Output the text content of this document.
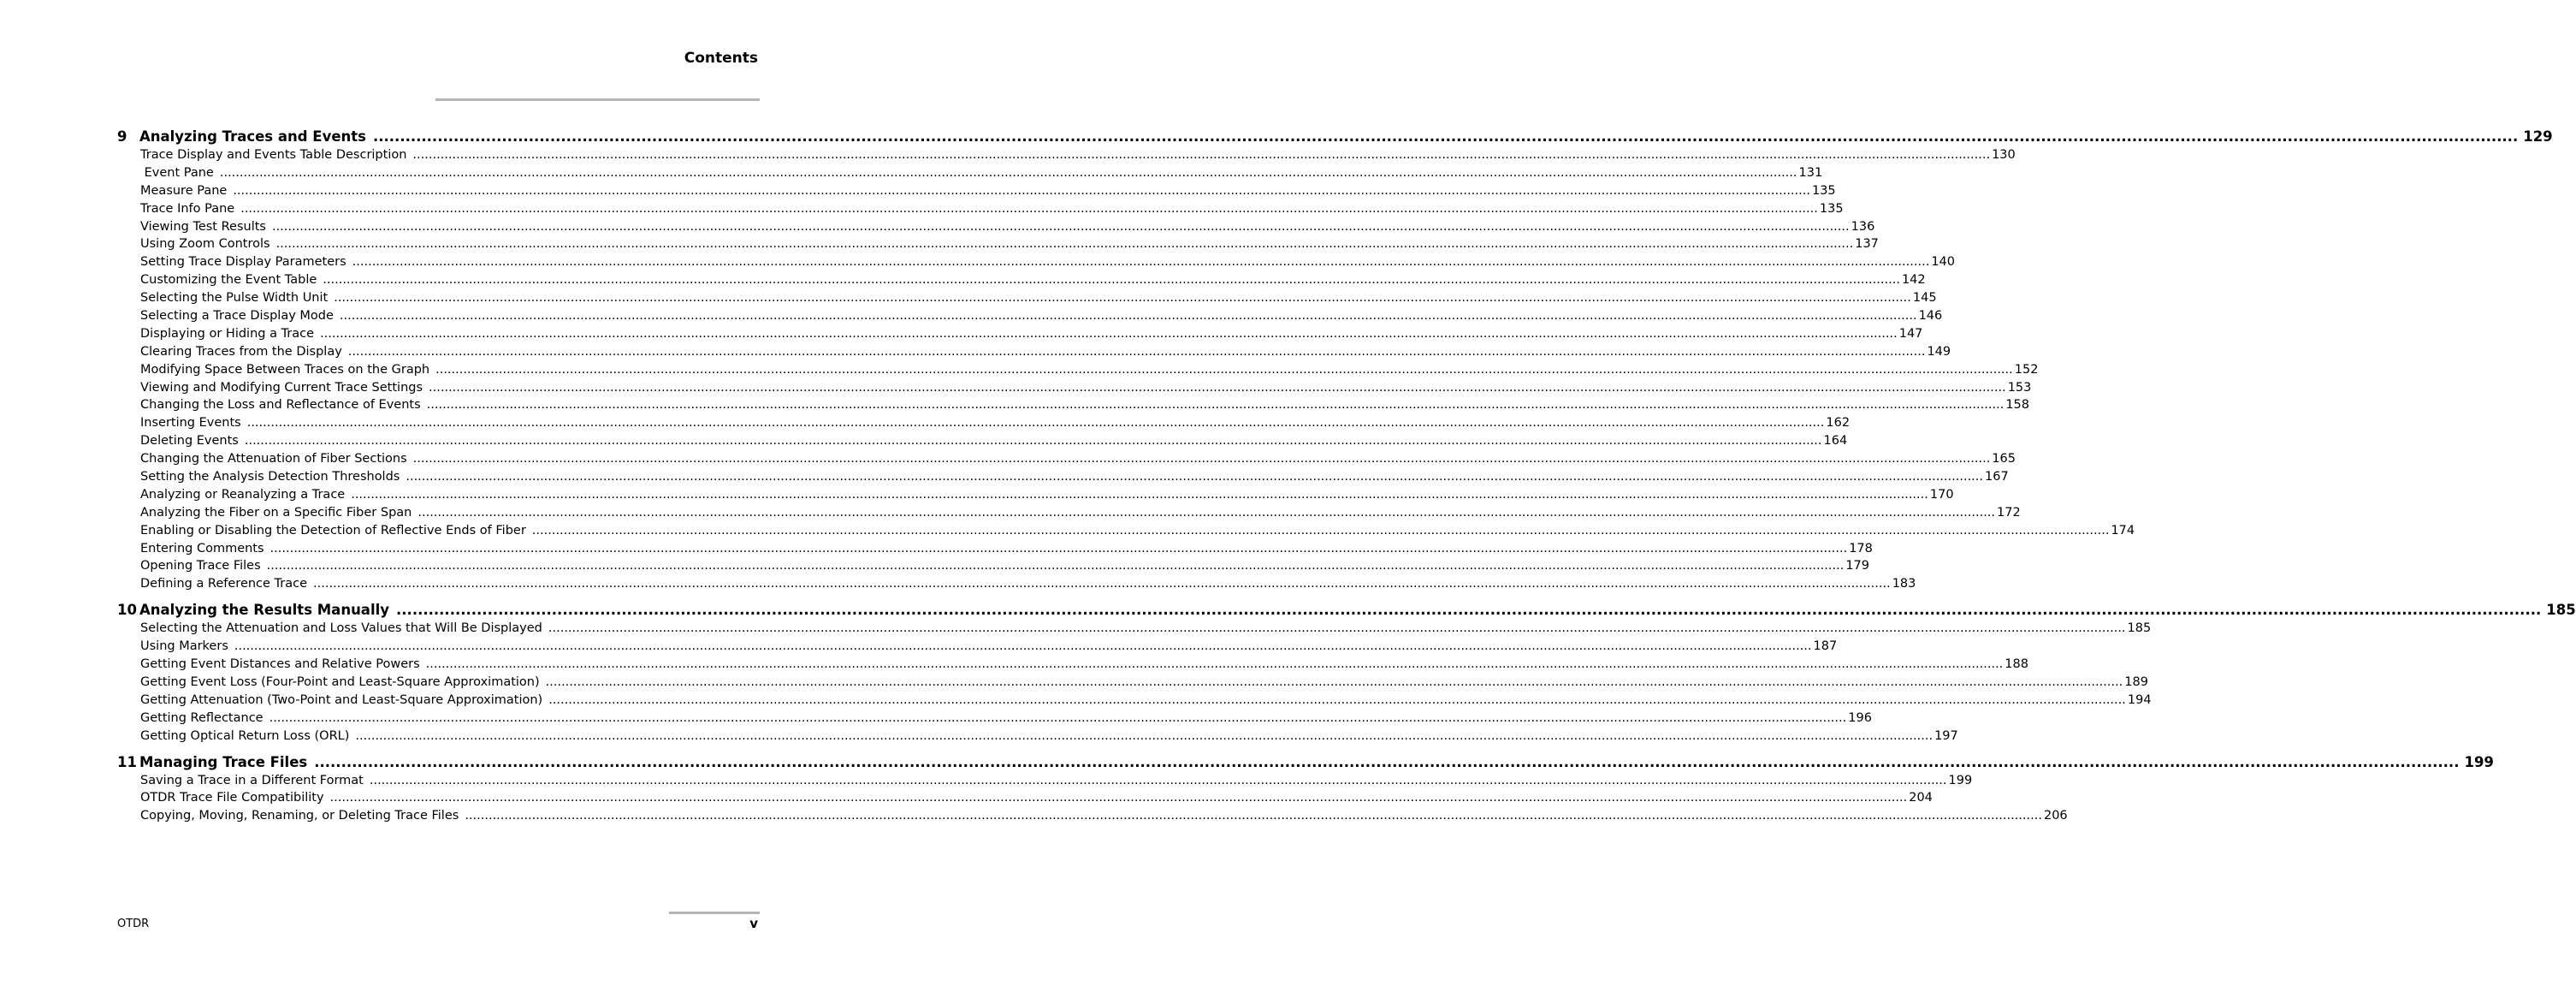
Contents
9 Analyzing Traces and Events ................................................................................................................................................................................................................................................................................................................................................................................................................ 129
Trace Display and Events Table Description ................................................................................................................................................................................................................................................................................................................................................................................................................ 130
Event Pane ................................................................................................................................................................................................................................................................................................................................................................................................................ 131
Measure Pane ................................................................................................................................................................................................................................................................................................................................................................................................................ 135
Trace Info Pane ................................................................................................................................................................................................................................................................................................................................................................................................................ 135
Viewing Test Results ................................................................................................................................................................................................................................................................................................................................................................................................................ 136
Using Zoom Controls ................................................................................................................................................................................................................................................................................................................................................................................................................ 137
Setting Trace Display Parameters ................................................................................................................................................................................................................................................................................................................................................................................................................ 140
Customizing the Event Table ................................................................................................................................................................................................................................................................................................................................................................................................................ 142
Selecting the Pulse Width Unit ................................................................................................................................................................................................................................................................................................................................................................................................................ 145
Selecting a Trace Display Mode ................................................................................................................................................................................................................................................................................................................................................................................................................ 146
Displaying or Hiding a Trace ................................................................................................................................................................................................................................................................................................................................................................................................................ 147
Clearing Traces from the Display ................................................................................................................................................................................................................................................................................................................................................................................................................ 149
Modifying Space Between Traces on the Graph ................................................................................................................................................................................................................................................................................................................................................................................................................ 152
Viewing and Modifying Current Trace Settings ................................................................................................................................................................................................................................................................................................................................................................................................................ 153
Changing the Loss and Reflectance of Events ................................................................................................................................................................................................................................................................................................................................................................................................................ 158
Inserting Events ................................................................................................................................................................................................................................................................................................................................................................................................................ 162
Deleting Events ................................................................................................................................................................................................................................................................................................................................................................................................................ 164
Changing the Attenuation of Fiber Sections ................................................................................................................................................................................................................................................................................................................................................................................................................ 165
Setting the Analysis Detection Thresholds ................................................................................................................................................................................................................................................................................................................................................................................................................ 167
Analyzing or Reanalyzing a Trace ................................................................................................................................................................................................................................................................................................................................................................................................................ 170
Analyzing the Fiber on a Specific Fiber Span ................................................................................................................................................................................................................................................................................................................................................................................................................ 172
Enabling or Disabling the Detection of Reflective Ends of Fiber ................................................................................................................................................................................................................................................................................................................................................................................................................ 174
Entering Comments ................................................................................................................................................................................................................................................................................................................................................................................................................ 178
Opening Trace Files ................................................................................................................................................................................................................................................................................................................................................................................................................ 179
Defining a Reference Trace ................................................................................................................................................................................................................................................................................................................................................................................................................ 183
10 Analyzing the Results Manually ................................................................................................................................................................................................................................................................................................................................................................................................................ 185
Selecting the Attenuation and Loss Values that Will Be Displayed ................................................................................................................................................................................................................................................................................................................................................................................................................ 185
Using Markers ................................................................................................................................................................................................................................................................................................................................................................................................................ 187
Getting Event Distances and Relative Powers ................................................................................................................................................................................................................................................................................................................................................................................................................ 188
Getting Event Loss (Four-Point and Least-Square Approximation) ................................................................................................................................................................................................................................................................................................................................................................................................................ 189
Getting Attenuation (Two-Point and Least-Square Approximation) ................................................................................................................................................................................................................................................................................................................................................................................................................ 194
Getting Reflectance ................................................................................................................................................................................................................................................................................................................................................................................................................ 196
Getting Optical Return Loss (ORL) ................................................................................................................................................................................................................................................................................................................................................................................................................ 197
11 Managing Trace Files ................................................................................................................................................................................................................................................................................................................................................................................................................ 199
Saving a Trace in a Different Format ................................................................................................................................................................................................................................................................................................................................................................................................................ 199
OTDR Trace File Compatibility ................................................................................................................................................................................................................................................................................................................................................................................................................ 204
Copying, Moving, Renaming, or Deleting Trace Files ................................................................................................................................................................................................................................................................................................................................................................................................................ 206
OTDR	v
